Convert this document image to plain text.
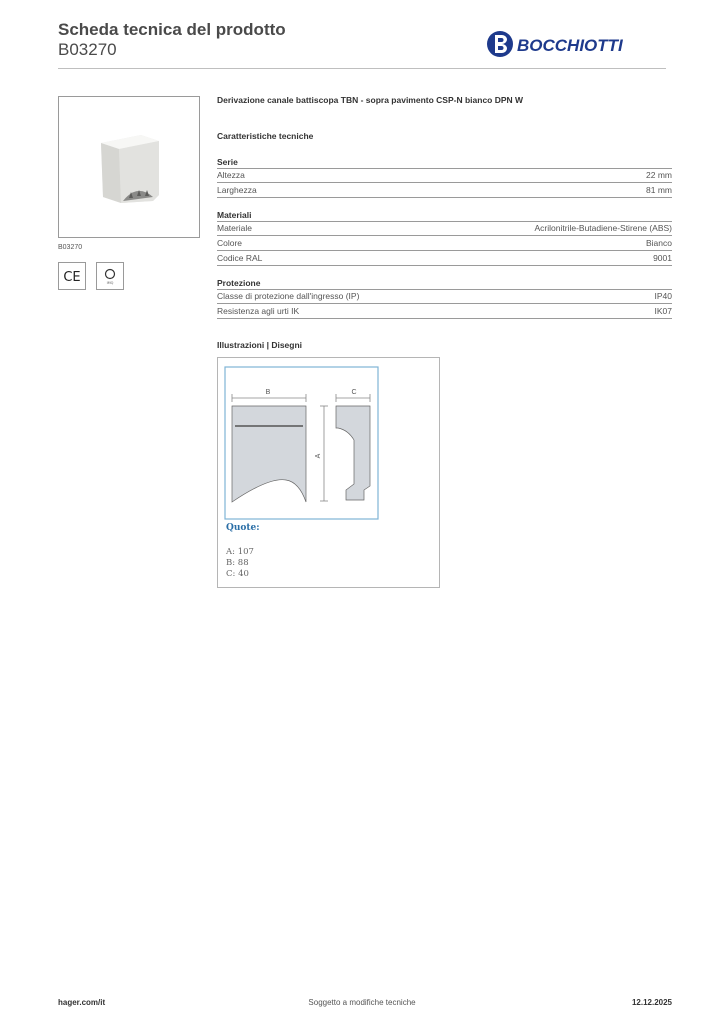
Scheda tecnica del prodotto
B03270	BOCCHIOTTI
B03270
CE	IMQ
Derivazione canale battiscopa TBN - sopra pavimento CSP-N bianco DPN W
Caratteristiche tecniche
Serie
Altezza	22 mm
Larghezza	81 mm
Materiali
Materiale	Acrilonitrile-Butadiene-Stirene (ABS)
Colore	Bianco
Codice RAL	9001
Protezione
Classe di protezione dall'ingresso (IP)	IP40
Resistenza agli urti IK	IK07
Illustrazioni | Disegni
B
A
C
Quote:
A: 107
B: 88
C: 40
hager.com/it	Soggetto a modifiche tecniche	12.12.2025
